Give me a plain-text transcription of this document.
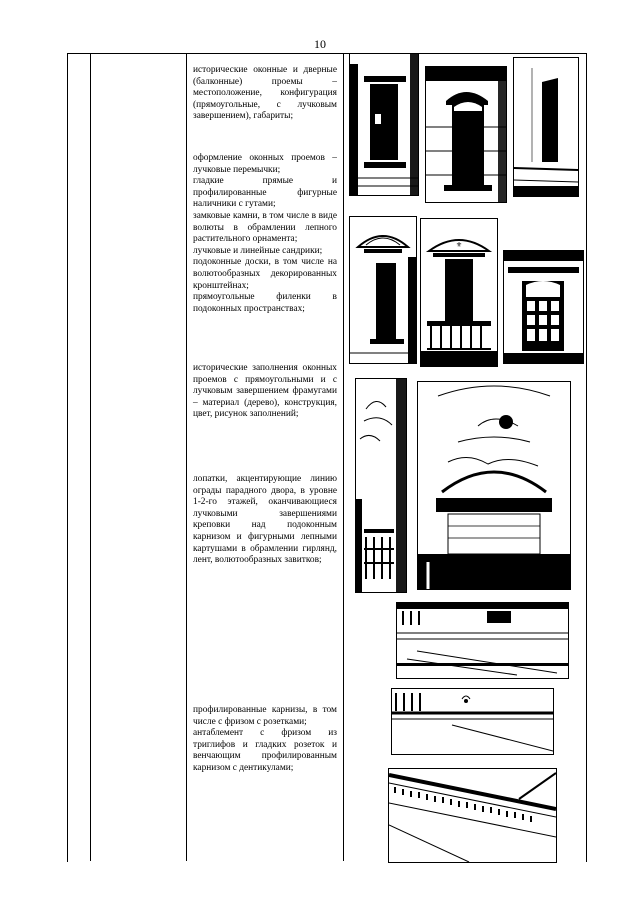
10

исторические оконные и дверные (балконные) проемы – местоположение, конфигурация (прямоугольные, с лучковым завершением), габариты;

оформление оконных проемов – лучковые перемычки;

гладкие прямые и профилированные фигурные наличники с гутами;

замковые камни, в том числе в виде волюты в обрамлении лепного растительного орнамента;

лучковые и линейные сандрики;

подоконные доски, в том числе на волютообразных декорированных кронштейнах;

прямоугольные филенки в подоконных пространствах;

исторические заполнения оконных проемов с прямоугольными и с лучковым завершением фрамугами – материал (дерево), конструкция, цвет, рисунок заполнений;

лопатки, акцентирующие линию ограды парадного двора, в уровне 1-2-го этажей, оканчивающиеся лучковыми завершениями креповки над подоконным карнизом и фигурными лепными картушами в обрамлении гирлянд, лент, волютообразных завитков;

профилированные карнизы, в том числе с фризом с розетками;

антаблемент с фризом из триглифов и гладких розеток и венчающим профилированным карнизом с дентикулами;

⚜
